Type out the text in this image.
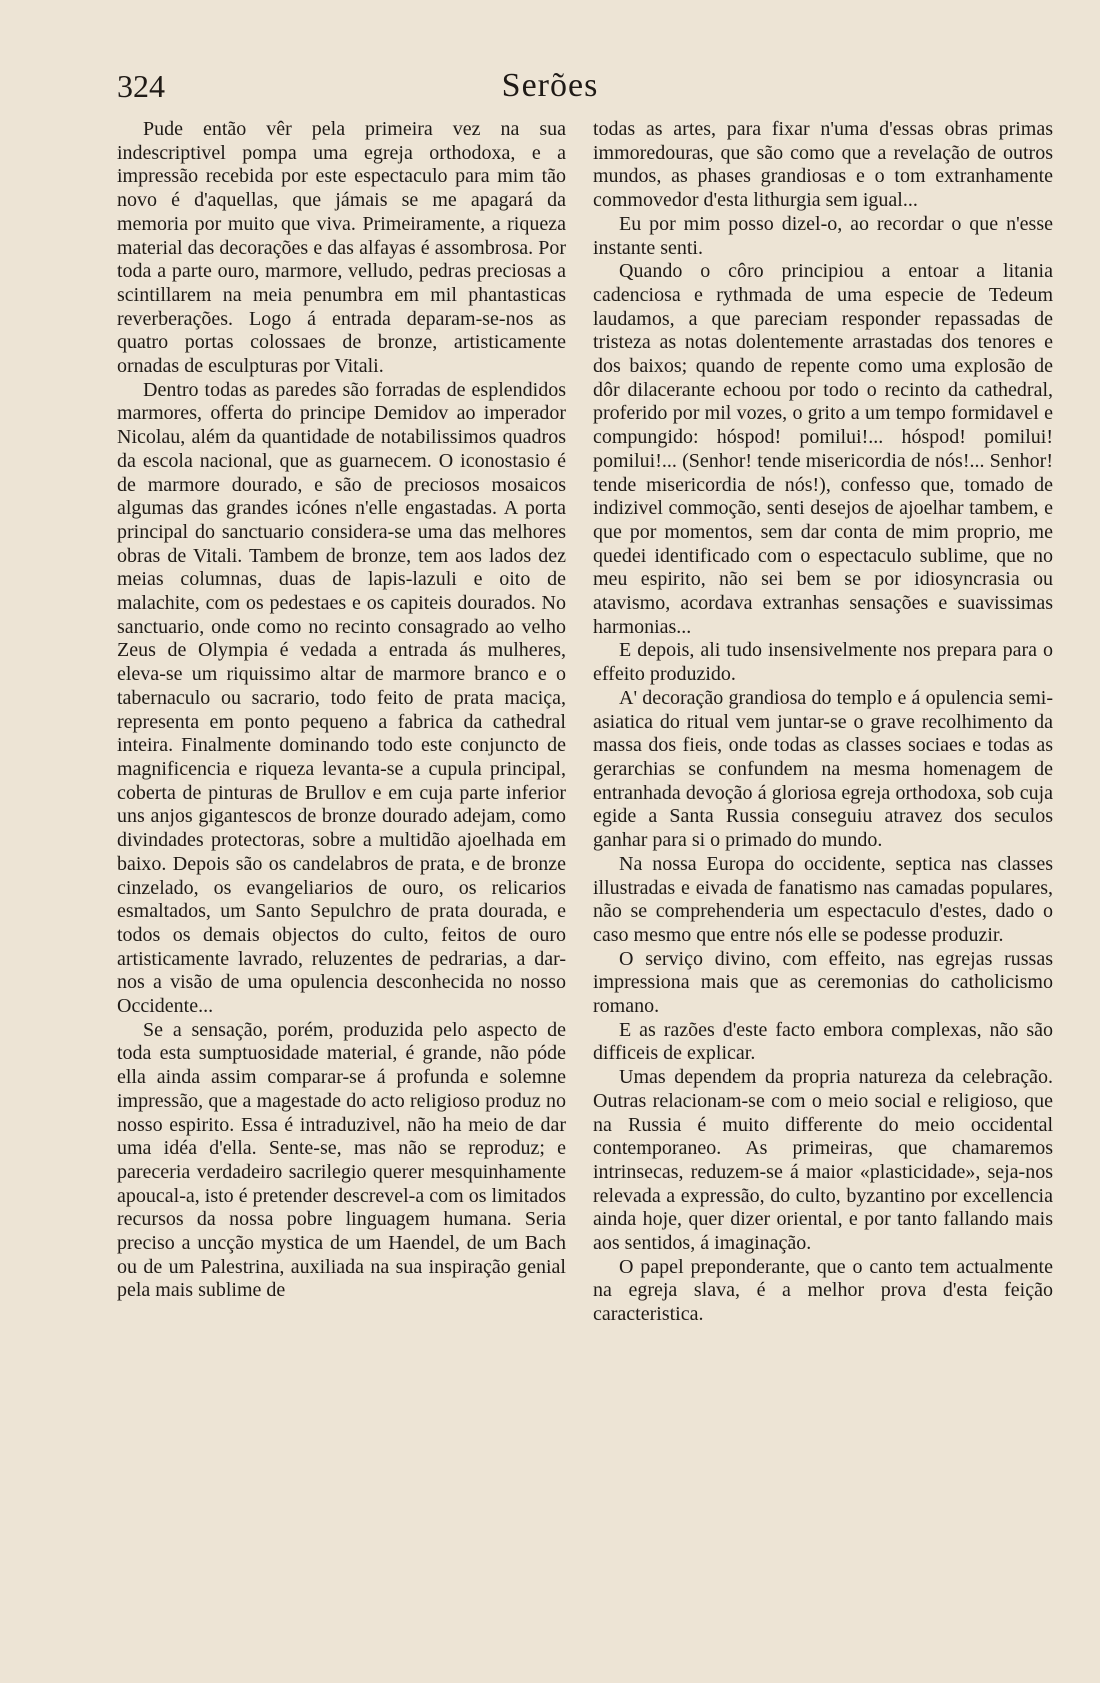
324	Serões

Pude então vêr pela primeira vez na sua indescriptivel pompa uma egreja orthodoxa, e a impressão recebida por este espectaculo para mim tão novo é d'aquellas, que jámais se me apagará da memoria por muito que viva. Primeiramente, a riqueza material das decorações e das alfayas é assombrosa. Por toda a parte ouro, marmore, velludo, pedras preciosas a scintillarem na meia penumbra em mil phantasticas reverberações. Logo á entrada deparam-se-nos as quatro portas colossaes de bronze, artisticamente ornadas de esculpturas por Vitali.

Dentro todas as paredes são forradas de esplendidos marmores, offerta do principe Demidov ao imperador Nicolau, além da quantidade de notabilissimos quadros da escola nacional, que as guarnecem. O iconostasio é de marmore dourado, e são de preciosos mosaicos algumas das grandes icónes n'elle engastadas. A porta principal do sanctuario considera-se uma das melhores obras de Vitali. Tambem de bronze, tem aos lados dez meias columnas, duas de lapis-lazuli e oito de malachite, com os pedestaes e os capiteis dourados. No sanctuario, onde como no recinto consagrado ao velho Zeus de Olympia é vedada a entrada ás mulheres, eleva-se um riquissimo altar de marmore branco e o tabernaculo ou sacrario, todo feito de prata maciça, representa em ponto pequeno a fabrica da cathedral inteira. Finalmente dominando todo este conjuncto de magnificencia e riqueza levanta-se a cupula principal, coberta de pinturas de Brullov e em cuja parte inferior uns anjos gigantescos de bronze dourado adejam, como divindades protectoras, sobre a multidão ajoelhada em baixo. Depois são os candelabros de prata, e de bronze cinzelado, os evangeliarios de ouro, os relicarios esmaltados, um Santo Sepulchro de prata dourada, e todos os demais objectos do culto, feitos de ouro artisticamente lavrado, reluzentes de pedrarias, a dar-nos a visão de uma opulencia desconhecida no nosso Occidente...

Se a sensação, porém, produzida pelo aspecto de toda esta sumptuosidade material, é grande, não póde ella ainda assim comparar-se á profunda e solemne impressão, que a magestade do acto religioso produz no nosso espirito. Essa é intraduzivel, não ha meio de dar uma idéa d'ella. Sente-se, mas não se reproduz; e pareceria verdadeiro sacrilegio querer mesquinhamente apoucal-a, isto é pretender descrevel-a com os limitados recursos da nossa pobre linguagem humana. Seria preciso a uncção mystica de um Haendel, de um Bach ou de um Palestrina, auxiliada na sua inspiração genial pela mais sublime de

todas as artes, para fixar n'uma d'essas obras primas immoredouras, que são como que a revelação de outros mundos, as phases grandiosas e o tom extranhamente commovedor d'esta lithurgia sem igual...

Eu por mim posso dizel-o, ao recordar o que n'esse instante senti.

Quando o côro principiou a entoar a litania cadenciosa e rythmada de uma especie de Tedeum laudamos, a que pareciam responder repassadas de tristeza as notas dolentemente arrastadas dos tenores e dos baixos; quando de repente como uma explosão de dôr dilacerante echoou por todo o recinto da cathedral, proferido por mil vozes, o grito a um tempo formidavel e compungido: hóspod! pomilui!... hóspod! pomilui! pomilui!... (Senhor! tende misericordia de nós!... Senhor! tende misericordia de nós!), confesso que, tomado de indizivel commoção, senti desejos de ajoelhar tambem, e que por momentos, sem dar conta de mim proprio, me quedei identificado com o espectaculo sublime, que no meu espirito, não sei bem se por idiosyncrasia ou atavismo, acordava extranhas sensações e suavissimas harmonias...

E depois, ali tudo insensivelmente nos prepara para o effeito produzido.

A' decoração grandiosa do templo e á opulencia semi-asiatica do ritual vem juntar-se o grave recolhimento da massa dos fieis, onde todas as classes sociaes e todas as gerarchias se confundem na mesma homenagem de entranhada devoção á gloriosa egreja orthodoxa, sob cuja egide a Santa Russia conseguiu atravez dos seculos ganhar para si o primado do mundo.

Na nossa Europa do occidente, septica nas classes illustradas e eivada de fanatismo nas camadas populares, não se comprehenderia um espectaculo d'estes, dado o caso mesmo que entre nós elle se podesse produzir.

O serviço divino, com effeito, nas egrejas russas impressiona mais que as ceremonias do catholicismo romano.

E as razões d'este facto embora complexas, não são difficeis de explicar.

Umas dependem da propria natureza da celebração. Outras relacionam-se com o meio social e religioso, que na Russia é muito differente do meio occidental contemporaneo. As primeiras, que chamaremos intrinsecas, reduzem-se á maior «plasticidade», seja-nos relevada a expressão, do culto, byzantino por excellencia ainda hoje, quer dizer oriental, e por tanto fallando mais aos sentidos, á imaginação.

O papel preponderante, que o canto tem actualmente na egreja slava, é a melhor prova d'esta feição caracteristica.
